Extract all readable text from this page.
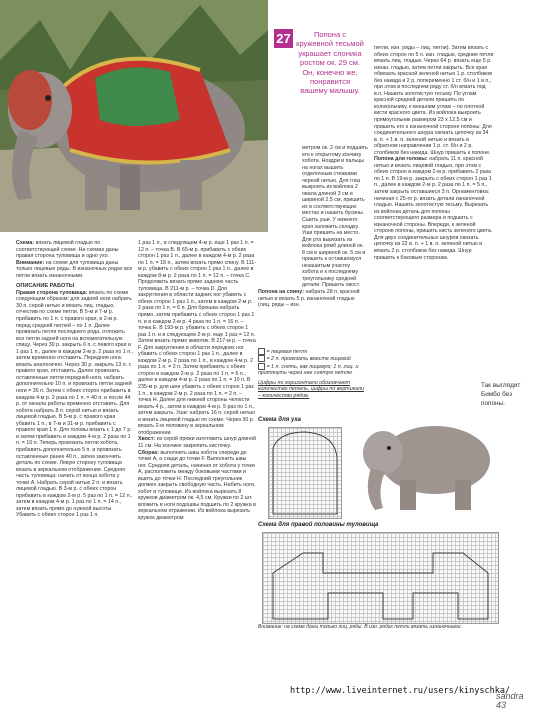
27	Попона с кружевной тесьмой украшает слоника ростом ок. 29 см. Он, конечно же, понравится вашему малышу.

Схема: вязать лицевой гладью по соответствующей схеме. На схемах даны правая сторона туловища и одно ухо. Внимание: на схеме для туловища даны только лицевые ряды. В изнаночных рядах все петли вязать изнаночными.

ОПИСАНИЕ РАБОТЫ

Правая сторона туловища: вязать по схеме следующим образом: для задней ноги набрать 30 п. серой нитью и вязать лиц. гладью, отчестив по схеме петли. В 5-м и 7-м р. прибавить по 1 п. с правого края, в 2-м р. перед средней петлей – по 1 п. Далее провязать петли последнего ряда, отложить все петли задней ноги на вспомогательную спицу. Через 30 р. закрыть 6 п. с левого края и 1 раз 1 п., далее в каждом 2-м р. 2 раза по 1 п., затем временно отставить. Передняя нога: вязать аналогично. Через 30 р. закрыть 13 п. с правого края, отставить. Далее провязать оставленные петли передней ноги, набрать дополнительно 10 п. и провязать петли задней ноги = 36 п. Затем с обеих сторон прибавить в каждом 4-м р. 2 раза по 1 п. = 40 п. и после 44 р. от начала работы временно отставить. Для хобота набрать 8 п. серой нитью и вязать лицевой гладью. В 5-м р. с правого края убавить 1 п., в 7-м и 31-м р. прибавить с правого края 1 п. Для головы вязать с 1 до 7 р. и затем прибавить в каждом 4-м р. 2 раза по 1 п. = 10 п. Теперь провязать петли хобота, прибавить дополнительно 5 п. и провязать оставленные ранее 40 п., затем закончить деталь по схеме. Левую сторону туловища вязать в зеркальном отображении. Средняя часть туловища: начать от конца хобота у точки А. Набрать серой нитью 2 п. и вязать лицевой гладью. В 3-м р. с обеих сторон прибавить в каждом 2-м р. 5 раз по 1 п. = 12 п., затем в каждом 4-м р. 1 раз по 1 п. = 14 п., затем вязать прямо до нужной высоты. Убавить с обеих сторон 1 раз 1 п.

1 раз 1 п., в следующем 4-м р. еще 1 раз 1 п. = 12 п. – точка B. В 65-м р. прибавить с обеих сторон 1 раз 1 п., далее в каждом 4-м р. 2 раза по 1 п. = 18 п., затем вязать прямо спину. В 111-м р. убавить с обеих сторон 1 раз 1 п., далее в каждом 8-м р. 2 раза по 1 п. = 12 п. – точка C. Продолжить вязать прямо заднюю часть туловища. В 211-м р. – точка D. Для закругления в области задних ног убавить с обеих сторон 1 раз 1 п., затем в каждом 2-м р. 2 раза по 1 п. = 6 п. Для брюшка набрать прямо, затем прибавить с обеих сторон 1 раз 1 п. и в каждом 2-м р. 4 раза по 1 п. = 16 п. – точка E. В 193-м р. убавить с обеих сторон 1 раз 1 п. и в следующем 2-м р. еще 1 раз = 12 п. Затем вязать прямо животик. В 217-м р. – точка F. Для закругления в области передних ног убавить с обеих сторон 1 раз 1 п., далее в каждом 2-м р. 2 раза по 1 п., в каждом 4-м р. 2 раза по 1 п. = 2 п. Затем прибавить с обеих сторон в каждом 2-м р. 2 раза по 1 п. = 6 п., далее в каждом 4-м р. 2 раза по 1 п. = 10 п. В 235-м р. для шеи убавить с обеих сторон 1 раз 1 п., в каждом 2-м р. 2 раза по 1 п. = 2 п. – точка H. Далее для нижней стороны челюсти вязать 4 р., затем в каждом 4-м р. 5 раз по 1 п., затем закрыть. Уши: набрать 16 п. серой нитью и вязать лицевой гладью по схеме. Через 30 р. вязать 2-ю половину в зеркальном отображении.

Хвост: из серой пряжи изготовить шнур длиной 11 см. На кончике закрепить кисточку.

Сборка: выполнить швы хобота спереди до точки А, а сзади до точки F. Выполнить швы ног. Средняя деталь, начиная от хобота у точки А, расположить между боковыми частями и вшить до точки H. Последний треугольник должен закрыть свободную часть. Набить ноги, хобот и туловище. Из войлока вырезать 8 кружков диаметром ок. 4,5 см. Кружки по 2 шт. вложить в ноги подошвы подшить по 2 кружка в зеркальном отражении. Из войлока вырезать кружок диаметром

метром ок. 2 см и подшить его к открытому кончику хобота. Ноздри и пальцы на ногах вышить отделочным стежками черной нитью. Для глаз выкроить из войлока 2 овала длиной 3 см и шириной 2,5 см, пришить их в соответствующих местах и нашить бусины. Сшить уши. У нижнего края заложить складку. Уши пришить на место. Для рта вырезать из войлока ромб длиной ок. 8 см и шириной ок. 5 см и пришить к оставшемуся незашитым участку хобота и к последнему треугольнику средней детали. Пришить хвост.

Попона на спину: набрать 28 п. красной нитью и вязать 5 р. изнаночной гладью (лиц. ряды – изн.

= лицевая петля

= 2 п. провязать вместе лицевой

= 1 п. снять, как лицевую; 1 п. лиц. и протянуть через нее снятую петлю

Цифры по горизонтали обозначают количество петель, цифры по вертикали – количество рядов.

петли, изн. ряды – лиц. петли). Затем вязать с обеих сторон по 5 п. изн. гладью, средние петли вязать лиц. гладью. Через 64 р. вязать еще 5 р. изнан. гладью, затем петли закрыть. Все края обвязать красной зеленой нитью 1 р. столбиков без накида и 2 р. попеременно 1 ст. б/н и 1 в.п., при этом в последнем ряду ст. б/н вязать под в.п. Нашить золотистую тесьму. По углам красной средней детали пришить по колокольчику, к внешним углам – по плотной кисти красного цвета. Из войлока выкроить прямоугольник размером 23 x 12,5 см и пришить его к изнаночной стороне попоны. Для соединительного шнура связать цепочку из 34 в. п. + 1 в. п. зеленой нитью и вязать в обратном направлении 1 р. ст. б/н и 2 р. столбиков без накида. Шнур пришить к попоне.

Попона для головы: набрать 11 п. красной нитью и вязать лицевой гладью, при этом с обеих сторон в каждом 2-м р. прибавить 2 раза по 1 п. В 19-м р. закрыть с обеих сторон 1 раз 1 п., далее в каждом 2-м р. 2 раза по 1 п. = 5 п., затем закрыть оставшиеся 3 п. Орнаментовка: начиная с 25-го р. вязать детали изнаночной гладью. Нашить золотистую тесьму. Вырезать из войлока деталь для попоны соответствующего размера и подшить с изнаночной стороны. Впереди, к зеленой стороне попоны, пришить кисть зеленого цвета. Для двух соединительных шнуров связать цепочку из 22 в. п. + 1 в. п. зеленой нитью и вязать 2 р. столбиков без накида. Шнур пришить к боковым сторонам.

Схема для уха
Так выглядит Бимбо без попоны.
Схема для правой половины туловища
Внимание: на схеме даны только лиц. ряды. В изн. рядах петли вязать изнаночными.
sandra 43
http://www.liveinternet.ru/users/kinyschka/
